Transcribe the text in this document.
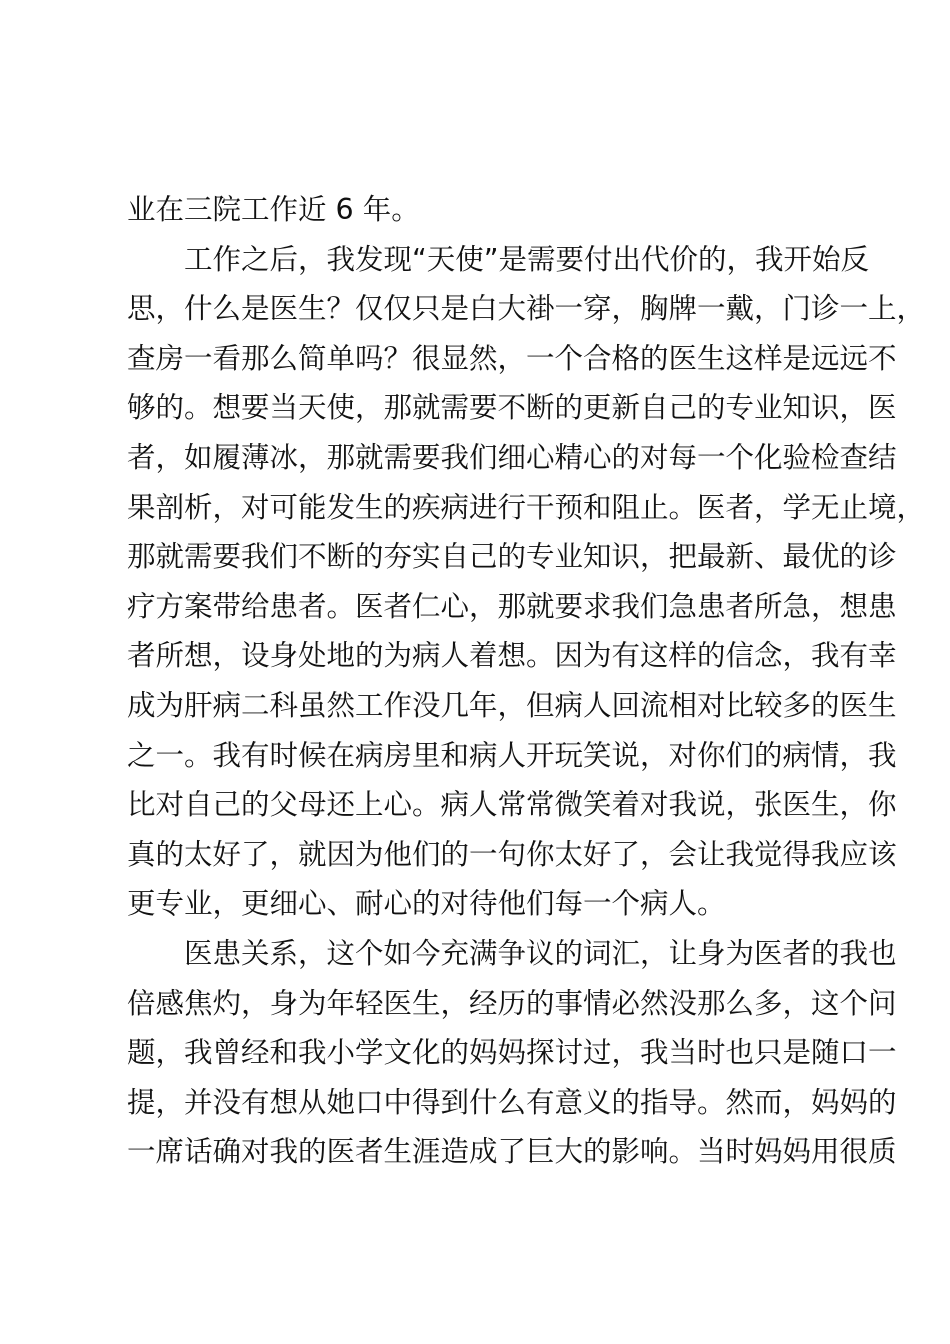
业在三院工作近 6 年。
　　工作之后，我发现“天使”是需要付出代价的，我开始反
思，什么是医生？仅仅只是白大褂一穿，胸牌一戴，门诊一上，
查房一看那么简单吗？很显然，一个合格的医生这样是远远不
够的。想要当天使，那就需要不断的更新自己的专业知识，医
者，如履薄冰，那就需要我们细心精心的对每一个化验检查结
果剖析，对可能发生的疾病进行干预和阻止。医者，学无止境，
那就需要我们不断的夯实自己的专业知识，把最新、最优的诊
疗方案带给患者。医者仁心，那就要求我们急患者所急，想患
者所想，设身处地的为病人着想。因为有这样的信念，我有幸
成为肝病二科虽然工作没几年，但病人回流相对比较多的医生
之一。我有时候在病房里和病人开玩笑说，对你们的病情，我
比对自己的父母还上心。病人常常微笑着对我说，张医生，你
真的太好了，就因为他们的一句你太好了，会让我觉得我应该
更专业，更细心、耐心的对待他们每一个病人。
　　医患关系，这个如今充满争议的词汇，让身为医者的我也
倍感焦灼，身为年轻医生，经历的事情必然没那么多，这个问
题，我曾经和我小学文化的妈妈探讨过，我当时也只是随口一
提，并没有想从她口中得到什么有意义的指导。然而，妈妈的
一席话确对我的医者生涯造成了巨大的影响。当时妈妈用很质
